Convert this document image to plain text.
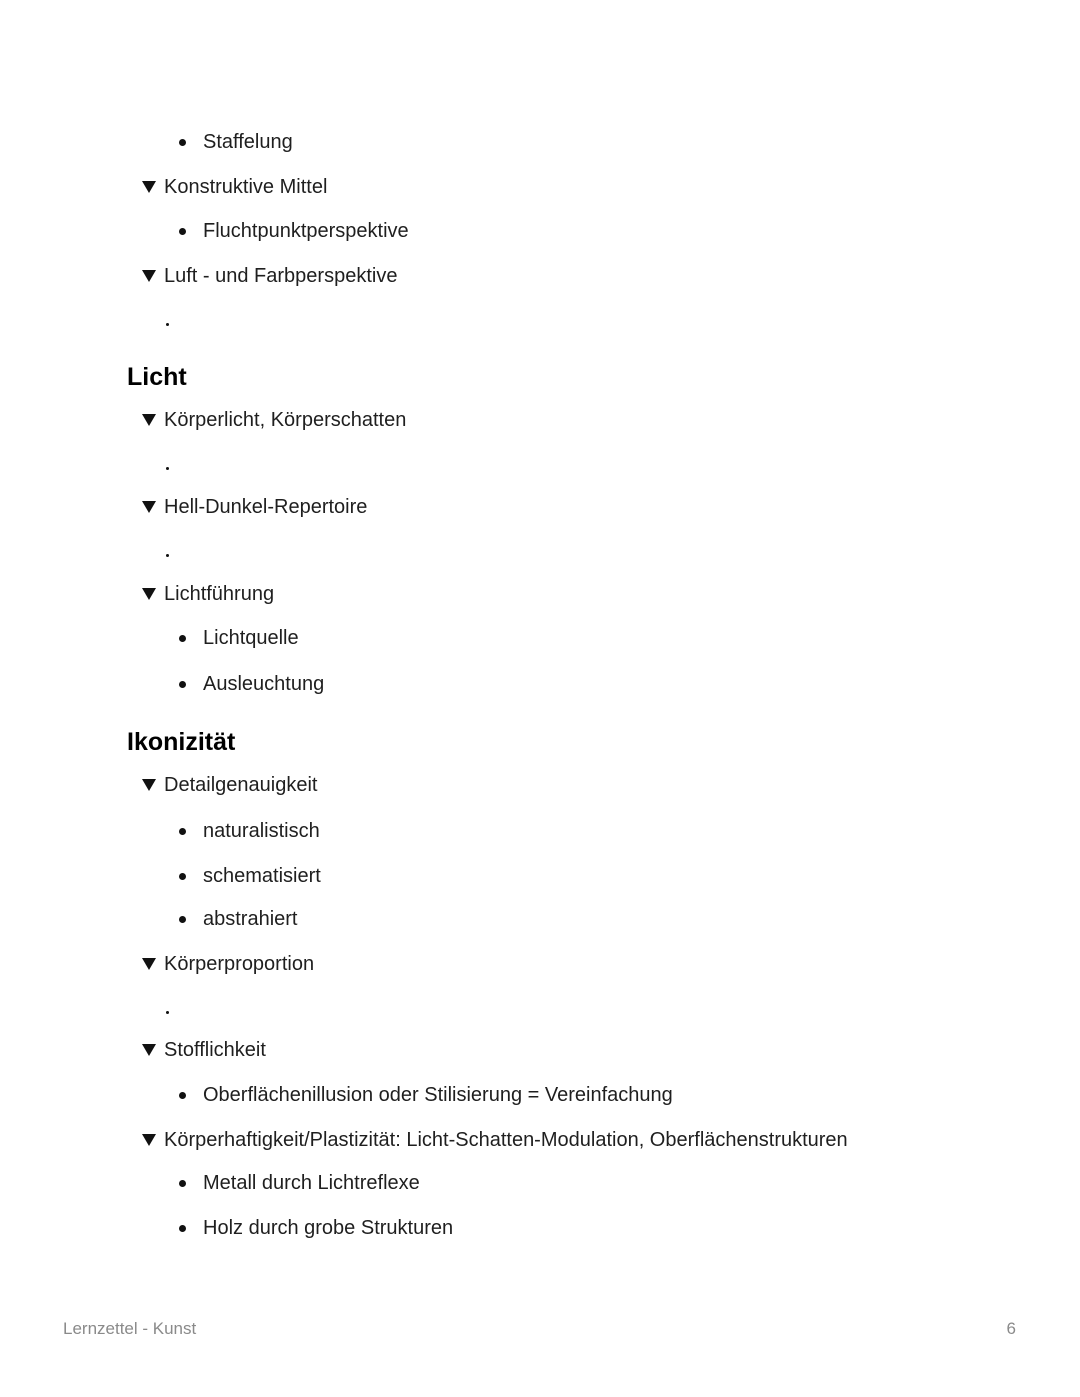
Staffelung
Konstruktive Mittel
Fluchtpunktperspektive
Luft - und Farbperspektive
Licht
Körperlicht, Körperschatten
Hell-Dunkel-Repertoire
Lichtführung
Lichtquelle
Ausleuchtung
Ikonizität
Detailgenauigkeit
naturalistisch
schematisiert
abstrahiert
Körperproportion
Stofflichkeit
Oberflächenillusion oder Stilisierung = Vereinfachung
Körperhaftigkeit/Plastizität: Licht-Schatten-Modulation, Oberflächenstrukturen
Metall durch Lichtreflexe
Holz durch grobe Strukturen
Lernzettel - Kunst	6
